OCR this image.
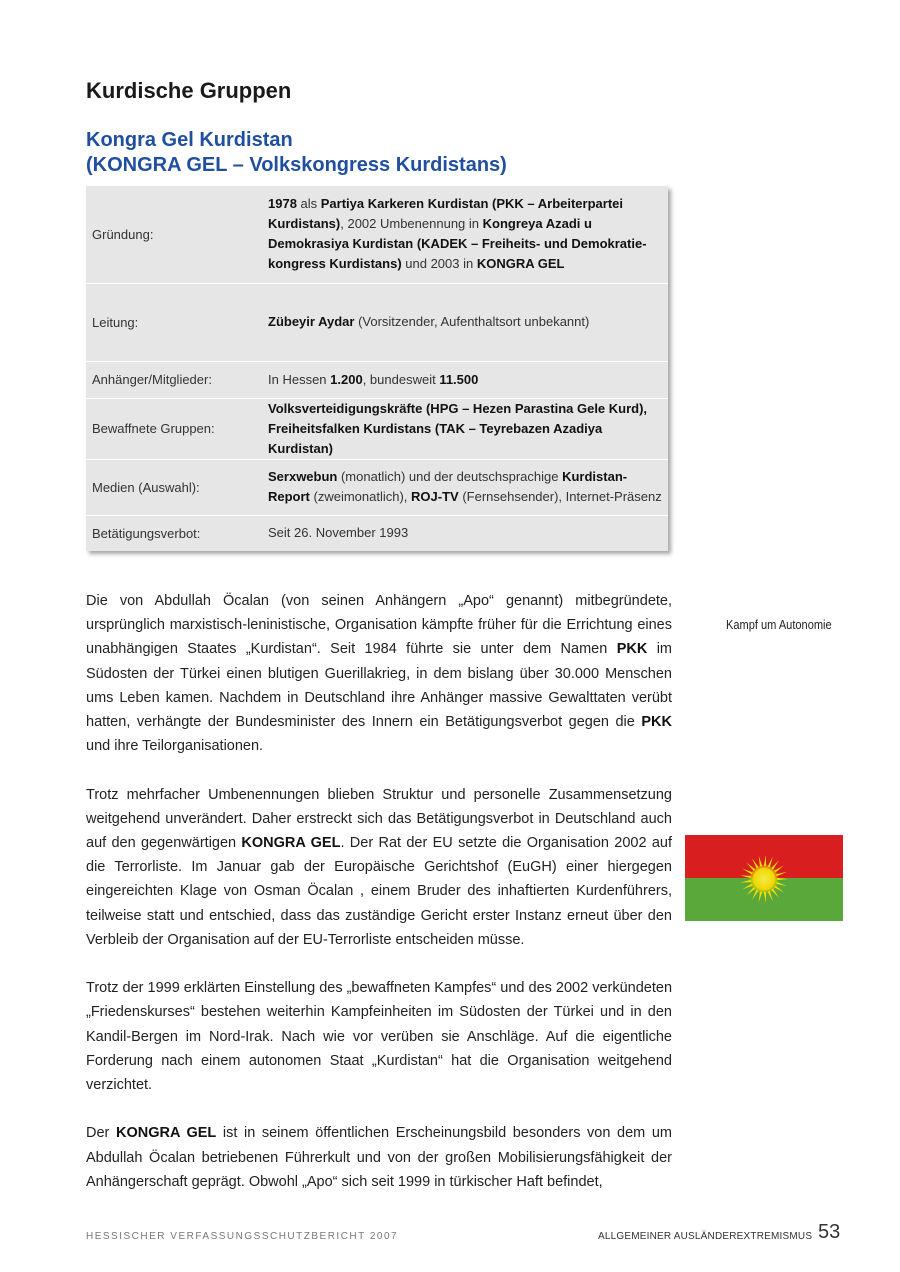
Kurdische Gruppen
Kongra Gel Kurdistan
(KONGRA GEL – Volkskongress Kurdistans)
Gründung:	1978 als Partiya Karkeren Kurdistan (PKK – Arbeiterpartei Kurdistans), 2002 Umbenennung in Kongreya Azadi u Demokrasiya Kurdistan (KADEK – Freiheits- und Demokratiekongress Kurdistans) und 2003 in KONGRA GEL
Leitung:	Zübeyir Aydar (Vorsitzender, Aufenthaltsort unbekannt)
Anhänger/Mitglieder:	In Hessen 1.200, bundesweit 11.500
Bewaffnete Gruppen:	Volksverteidigungskräfte (HPG – Hezen Parastina Gele Kurd), Freiheitsfalken Kurdistans (TAK – Teyrebazen Azadiya Kurdistan)
Medien (Auswahl):	Serxwebun (monatlich) und der deutschsprachige Kurdistan-Report (zweimonatlich), ROJ-TV (Fernsehsender), Internet-Präsenz
Betätigungsverbot:	Seit 26. November 1993

Die von Abdullah Öcalan (von seinen Anhängern „Apo“ genannt) mitbegründete, ursprünglich marxistisch-leninistische, Organisation kämpfte früher für die Errichtung eines unabhängigen Staates „Kurdistan“. Seit 1984 führte sie unter dem Namen PKK im Südosten der Türkei einen blutigen Guerillakrieg, in dem bislang über 30.000 Menschen ums Leben kamen. Nachdem in Deutschland ihre Anhänger massive Gewalttaten verübt hatten, verhängte der Bundesminister des Innern ein Betätigungsverbot gegen die PKK und ihre Teilorganisationen.

Trotz mehrfacher Umbenennungen blieben Struktur und personelle Zusammensetzung weitgehend unverändert. Daher erstreckt sich das Betätigungsverbot in Deutschland auch auf den gegenwärtigen KONGRA GEL. Der Rat der EU setzte die Organisation 2002 auf die Terrorliste. Im Januar gab der Europäische Gerichtshof (EuGH) einer hiergegen eingereichten Klage von Osman Öcalan , einem Bruder des inhaftierten Kurdenführers, teilweise statt und entschied, dass das zuständige Gericht erster Instanz erneut über den Verbleib der Organisation auf der EU-Terrorliste entscheiden müsse.

Trotz der 1999 erklärten Einstellung des „bewaffneten Kampfes“ und des 2002 verkündeten „Friedenskurses“ bestehen weiterhin Kampfeinheiten im Südosten der Türkei und in den Kandil-Bergen im Nord-Irak. Nach wie vor verüben sie Anschläge. Auf die eigentliche Forderung nach einem autonomen Staat „Kurdistan“ hat die Organisation weitgehend verzichtet.

Der KONGRA GEL ist in seinem öffentlichen Erscheinungsbild besonders von dem um Abdullah Öcalan betriebenen Führerkult und von der großen Mobilisierungsfähigkeit der Anhängerschaft geprägt. Obwohl „Apo“ sich seit 1999 in türkischer Haft befindet,

Kampf um Autonomie
HESSISCHER VERFASSUNGSSCHUTZBERICHT 2007	ALLGEMEINER AUSLÄNDEREXTREMISMUS 53
